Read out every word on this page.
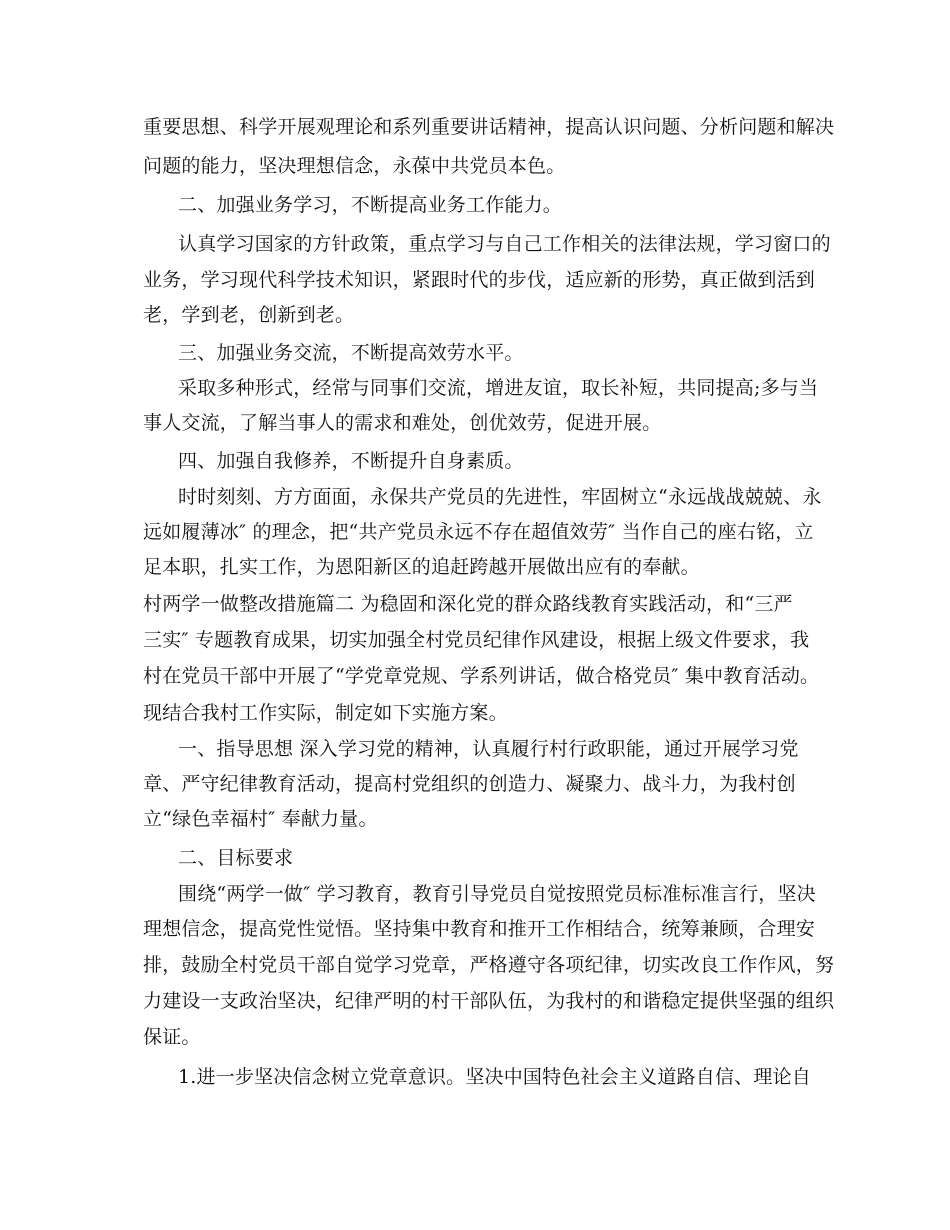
重要思想、科学开展观理论和系列重要讲话精神，提高认识问题、分析问题和解决
问题的能力，坚决理想信念，永葆中共党员本色。
二、加强业务学习，不断提高业务工作能力。
认真学习国家的方针政策，重点学习与自己工作相关的法律法规，学习窗口的
业务，学习现代科学技术知识，紧跟时代的步伐，适应新的形势，真正做到活到
老，学到老，创新到老。
三、加强业务交流，不断提高效劳水平。
采取多种形式，经常与同事们交流，增进友谊，取长补短，共同提高;多与当
事人交流，了解当事人的需求和难处，创优效劳，促进开展。
四、加强自我修养，不断提升自身素质。
时时刻刻、方方面面，永保共产党员的先进性，牢固树立“永远战战兢兢、永
远如履薄冰″ 的理念，把“共产党员永远不存在超值效劳″ 当作自己的座右铭，立
足本职，扎实工作，为恩阳新区的追赶跨越开展做出应有的奉献。
村两学一做整改措施篇二 为稳固和深化党的群众路线教育实践活动，和“三严
三实″ 专题教育成果，切实加强全村党员纪律作风建设，根据上级文件要求，我
村在党员干部中开展了“学党章党规、学系列讲话，做合格党员″ 集中教育活动。
现结合我村工作实际，制定如下实施方案。
一、指导思想 深入学习党的精神，认真履行村行政职能，通过开展学习党
章、严守纪律教育活动，提高村党组织的创造力、凝聚力、战斗力，为我村创
立“绿色幸福村″ 奉献力量。
二、目标要求
围绕“两学一做″ 学习教育，教育引导党员自觉按照党员标准标准言行，坚决
理想信念，提高党性觉悟。坚持集中教育和推开工作相结合，统筹兼顾，合理安
排，鼓励全村党员干部自觉学习党章，严格遵守各项纪律，切实改良工作作风，努
力建设一支政治坚决，纪律严明的村干部队伍，为我村的和谐稳定提供坚强的组织
保证。
1.进一步坚决信念树立党章意识。坚决中国特色社会主义道路自信、理论自
